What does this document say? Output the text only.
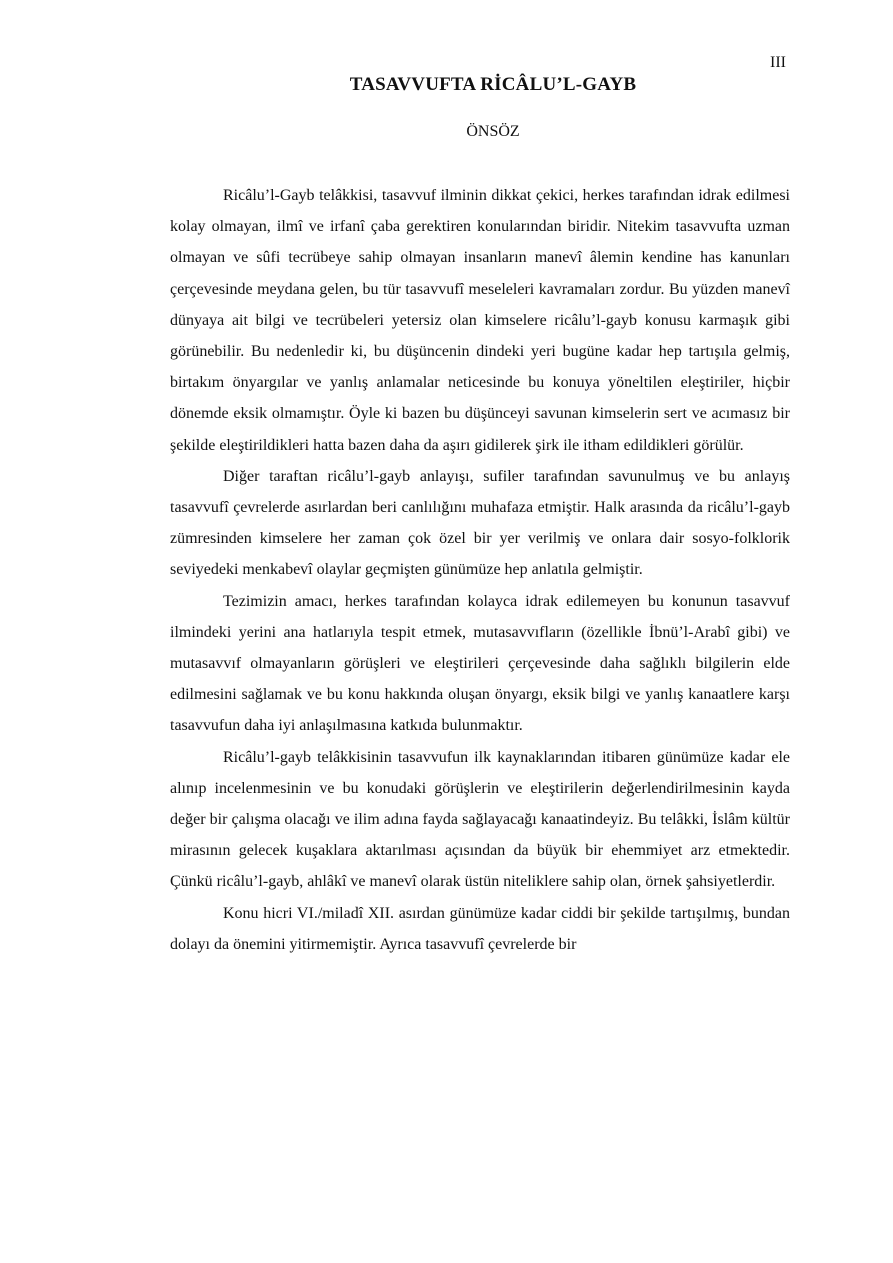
III
TASAVVUFTA RİCÂLU’L-GAYB
ÖNSÖZ

Ricâlu’l-Gayb telâkkisi, tasavvuf ilminin dikkat çekici, herkes tarafından idrak edilmesi kolay olmayan, ilmî ve irfanî çaba gerektiren konularından biridir. Nitekim tasavvufta uzman olmayan ve sûfi tecrübeye sahip olmayan insanların manevî âlemin kendine has kanunları çerçevesinde meydana gelen, bu tür tasavvufî meseleleri kavramaları zordur. Bu yüzden manevî dünyaya ait bilgi ve tecrübeleri yetersiz olan kimselere ricâlu’l-gayb konusu karmaşık gibi görünebilir. Bu nedenledir ki, bu düşüncenin dindeki yeri bugüne kadar hep tartışıla gelmiş, birtakım önyargılar ve yanlış anlamalar neticesinde bu konuya yöneltilen eleştiriler, hiçbir dönemde eksik olmamıştır. Öyle ki bazen bu düşünceyi savunan kimselerin sert ve acımasız bir şekilde eleştirildikleri hatta bazen daha da aşırı gidilerek şirk ile itham edildikleri görülür.

Diğer taraftan ricâlu’l-gayb anlayışı, sufiler tarafından savunulmuş ve bu anlayış tasavvufî çevrelerde asırlardan beri canlılığını muhafaza etmiştir. Halk arasında da ricâlu’l-gayb zümresinden kimselere her zaman çok özel bir yer verilmiş ve onlara dair sosyo-folklorik seviyedeki menkabevî olaylar geçmişten günümüze hep anlatıla gelmiştir.

Tezimizin amacı, herkes tarafından kolayca idrak edilemeyen bu konunun tasavvuf ilmindeki yerini ana hatlarıyla tespit etmek, mutasavvıfların (özellikle İbnü’l-Arabî gibi) ve mutasavvıf olmayanların görüşleri ve eleştirileri çerçevesinde daha sağlıklı bilgilerin elde edilmesini sağlamak ve bu konu hakkında oluşan önyargı, eksik bilgi ve yanlış kanaatlere karşı tasavvufun daha iyi anlaşılmasına katkıda bulunmaktır.

Ricâlu’l-gayb telâkkisinin tasavvufun ilk kaynaklarından itibaren günümüze kadar ele alınıp incelenmesinin ve bu konudaki görüşlerin ve eleştirilerin değerlendirilmesinin kayda değer bir çalışma olacağı ve ilim adına fayda sağlayacağı kanaatindeyiz. Bu telâkki, İslâm kültür mirasının gelecek kuşaklara aktarılması açısından da büyük bir ehemmiyet arz etmektedir. Çünkü ricâlu’l-gayb, ahlâkî ve manevî olarak üstün niteliklere sahip olan, örnek şahsiyetlerdir.

Konu hicri VI./miladî XII. asırdan günümüze kadar ciddi bir şekilde tartışılmış, bundan dolayı da önemini yitirmemiştir. Ayrıca tasavvufî çevrelerde bir
